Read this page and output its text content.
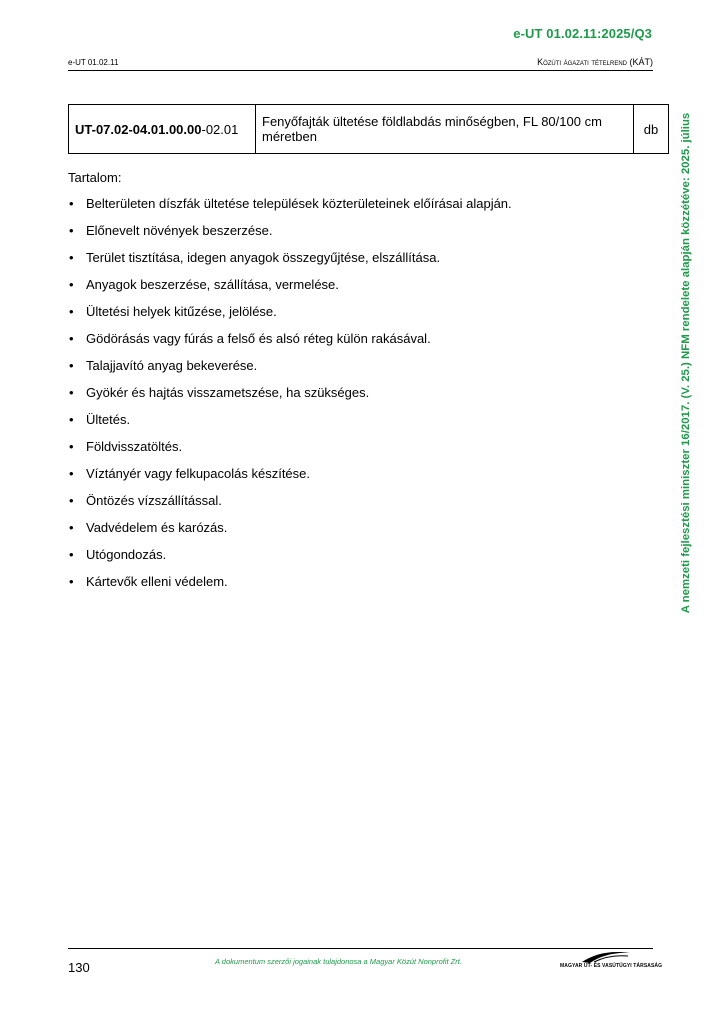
e-UT 01.02.11:2025/Q3
e-UT 01.02.11	Közúti ágazati tételrend (KÁT)
UT-07.02-04.01.00.00-02.01	Fenyőfajták ültetése földlabdás minőségben, FL 80/100 cm méretben	db
Tartalom:
• Belterületen díszfák ültetése települések közterületeinek előírásai alapján.
• Előnevelt növények beszerzése.
• Terület tisztítása, idegen anyagok összegyűjtése, elszállítása.
• Anyagok beszerzése, szállítása, vermelése.
• Ültetési helyek kitűzése, jelölése.
• Gödörásás vagy fúrás a felső és alsó réteg külön rakásával.
• Talajjavító anyag bekeverése.
• Gyökér és hajtás visszametszése, ha szükséges.
• Ültetés.
• Földvisszatöltés.
• Víztányér vagy felkupacolás készítése.
• Öntözés vízszállítással.
• Vadvédelem és karózás.
• Utógondozás.
• Kártevők elleni védelem.	A nemzeti fejlesztési miniszter 16/2017. (V. 25.) NFM rendelete alapján közzétéve: 2025. július
130	A dokumentum szerzői jogainak tulajdonosa a Magyar Közút Nonprofit Zrt.	MAGYAR ÚT- ÉS VASÚTÜGYI TÁRSASÁG
